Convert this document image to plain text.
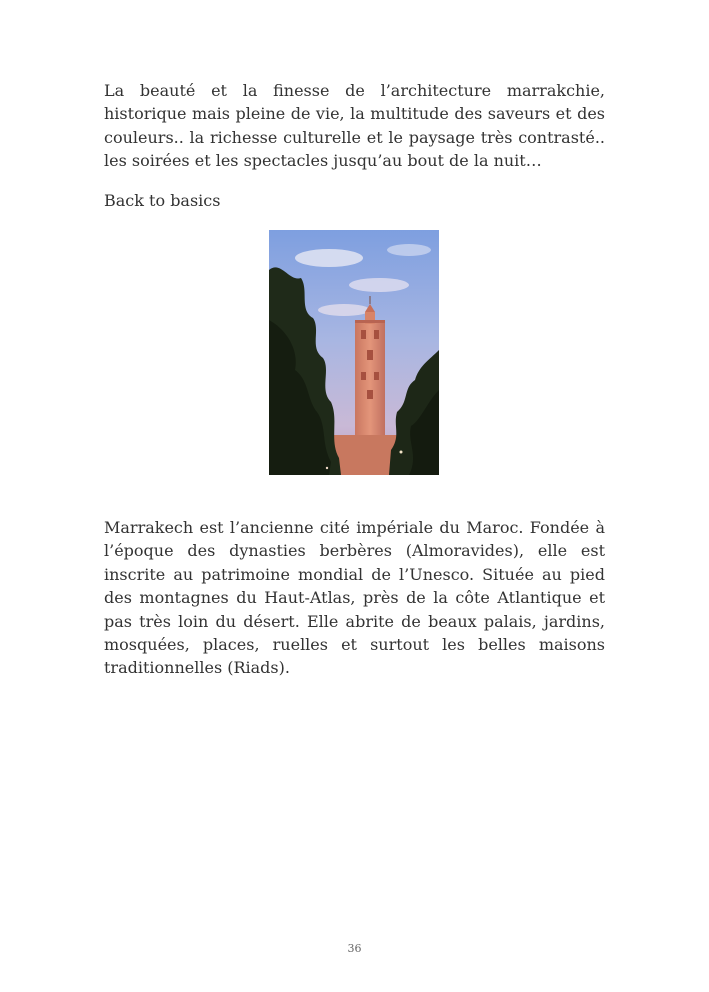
La beauté et la finesse de l’architecture marrakchie, historique mais pleine de vie, la multitude des saveurs et des couleurs.. la richesse culturelle et le paysage très contrasté.. les soirées et les spectacles jusqu’au bout de la nuit…

Back to basics

Marrakech est l’ancienne cité impériale du Maroc. Fondée à l’époque des dynasties berbères (Almoravides), elle est inscrite au patrimoine mondial de l’Unesco. Située au pied des montagnes du Haut-Atlas, près de la côte Atlantique et pas très loin du désert. Elle abrite de beaux palais, jardins, mosquées, places, ruelles et surtout les belles maisons traditionnelles (Riads).

36
